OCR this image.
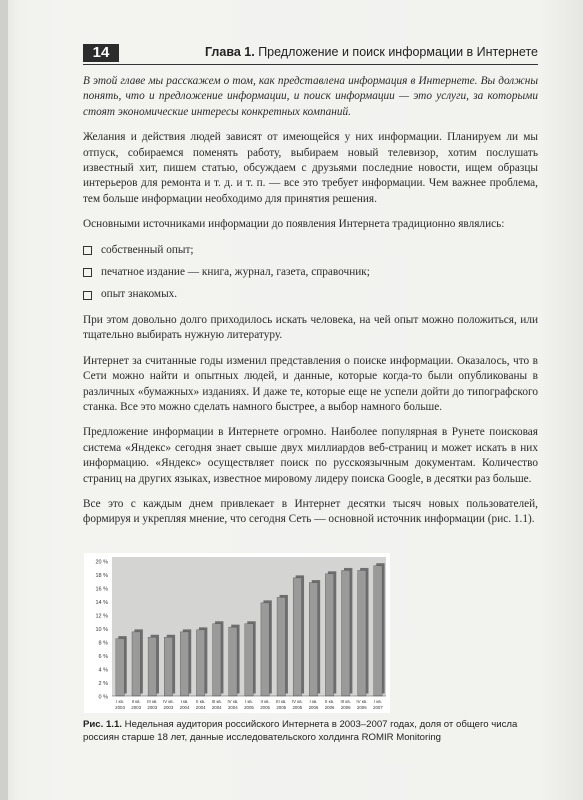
14	Глава 1. Предложение и поиск информации в Интернете

В этой главе мы расскажем о том, как представлена информация в Интернете. Вы должны понять, что и предложение информации, и поиск информации — это услуги, за которыми стоят экономические интересы конкретных компаний.

Желания и действия людей зависят от имеющейся у них информации. Планируем ли мы отпуск, собираемся поменять работу, выбираем новый телевизор, хотим послушать известный хит, пишем статью, обсуждаем с друзьями последние новости, ищем образцы интерьеров для ремонта и т. д. и т. п. — все это требует информации. Чем важнее проблема, тем больше информации необходимо для принятия решения.

Основными источниками информации до появления Интернета традиционно являлись:

собственный опыт;
печатное издание — книга, журнал, газета, справочник;
опыт знакомых.

При этом довольно долго приходилось искать человека, на чей опыт можно положиться, или тщательно выбирать нужную литературу.

Интернет за считанные годы изменил представления о поиске информации. Оказалось, что в Сети можно найти и опытных людей, и данные, которые когда-то были опубликованы в различных «бумажных» изданиях. И даже те, которые еще не успели дойти до типографского станка. Все это можно сделать намного быстрее, а выбор намного больше.

Предложение информации в Интернете огромно. Наиболее популярная в Рунете поисковая система «Яндекс» сегодня знает свыше двух миллиардов веб-страниц и может искать в них информацию. «Яндекс» осуществляет поиск по русскоязычным документам. Количество страниц на других языках, известное мировому лидеру поиска Google, в десятки раз больше.

Все это с каждым днем привлекает в Интернет десятки тысяч новых пользователей, формируя и укрепляя мнение, что сегодня Сеть — основной источник информации (рис. 1.1).

0 %
2 %
4 %
6 %
8 %
10 %
12 %
14 %
16 %
18 %
20 %
I кв.
2003
II кв.
2003
III кв.
2003
IV кв.
2003
I кв.
2004
II кв.
2004
III кв.
2004
IV кв.
2004
I кв.
2005
II кв.
2005
III кв.
2005
IV кв.
2005
I кв.
2006
II кв.
2006
III кв.
2006
IV кв.
2006
I кв.
2007
Рис. 1.1. Недельная аудитория российского Интернета в 2003–2007 годах, доля от общего числа россиян старше 18 лет, данные исследовательского холдинга ROMIR Monitoring
